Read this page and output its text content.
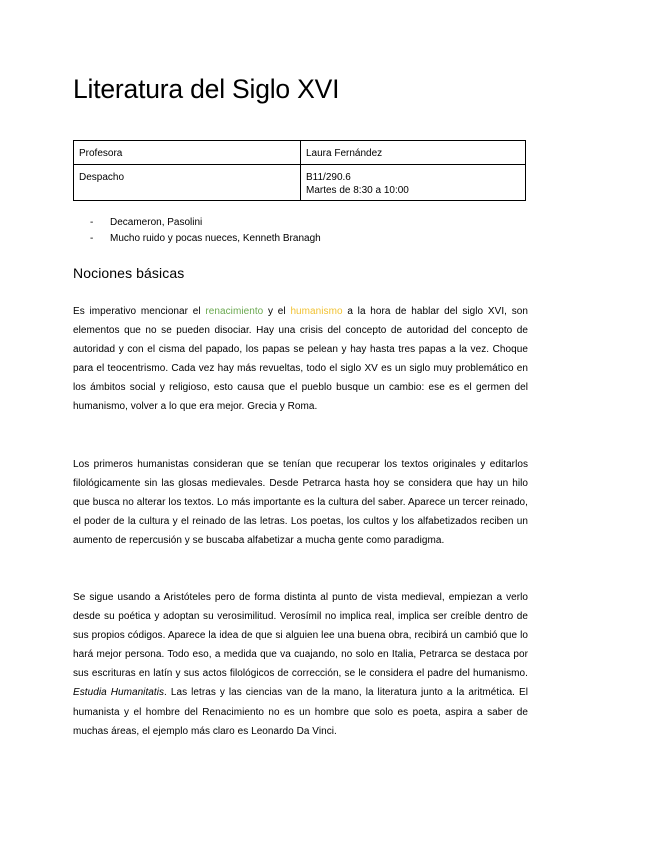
Literatura del Siglo XVI
Profesora	Laura Fernández

Despacho	B11/290.6
Martes de 8:30 a 10:00
- Decameron, Pasolini
- Mucho ruido y pocas nueces, Kenneth Branagh
Nociones básicas

Es imperativo mencionar el renacimiento y el humanismo a la hora de hablar del siglo XVI, son elementos que no se pueden disociar. Hay una crisis del concepto de autoridad del concepto de autoridad y con el cisma del papado, los papas se pelean y hay hasta tres papas a la vez. Choque para el teocentrismo. Cada vez hay más revueltas, todo el siglo XV es un siglo muy problemático en los ámbitos social y religioso, esto causa que el pueblo busque un cambio: ese es el germen del humanismo, volver a lo que era mejor. Grecia y Roma.

Los primeros humanistas consideran que se tenían que recuperar los textos originales y editarlos filológicamente sin las glosas medievales. Desde Petrarca hasta hoy se considera que hay un hilo que busca no alterar los textos. Lo más importante es la cultura del saber. Aparece un tercer reinado, el poder de la cultura y el reinado de las letras. Los poetas, los cultos y los alfabetizados reciben un aumento de repercusión y se buscaba alfabetizar a mucha gente como paradigma.

Se sigue usando a Aristóteles pero de forma distinta al punto de vista medieval, empiezan a verlo desde su poética y adoptan su verosimilitud. Verosímil no implica real, implica ser creíble dentro de sus propios códigos. Aparece la idea de que si alguien lee una buena obra, recibirá un cambió que lo hará mejor persona. Todo eso, a medida que va cuajando, no solo en Italia, Petrarca se destaca por sus escrituras en latín y sus actos filológicos de corrección, se le considera el padre del humanismo. Estudia Humanitatis. Las letras y las ciencias van de la mano, la literatura junto a la aritmética. El humanista y el hombre del Renacimiento no es un hombre que solo es poeta, aspira a saber de muchas áreas, el ejemplo más claro es Leonardo Da Vinci.
